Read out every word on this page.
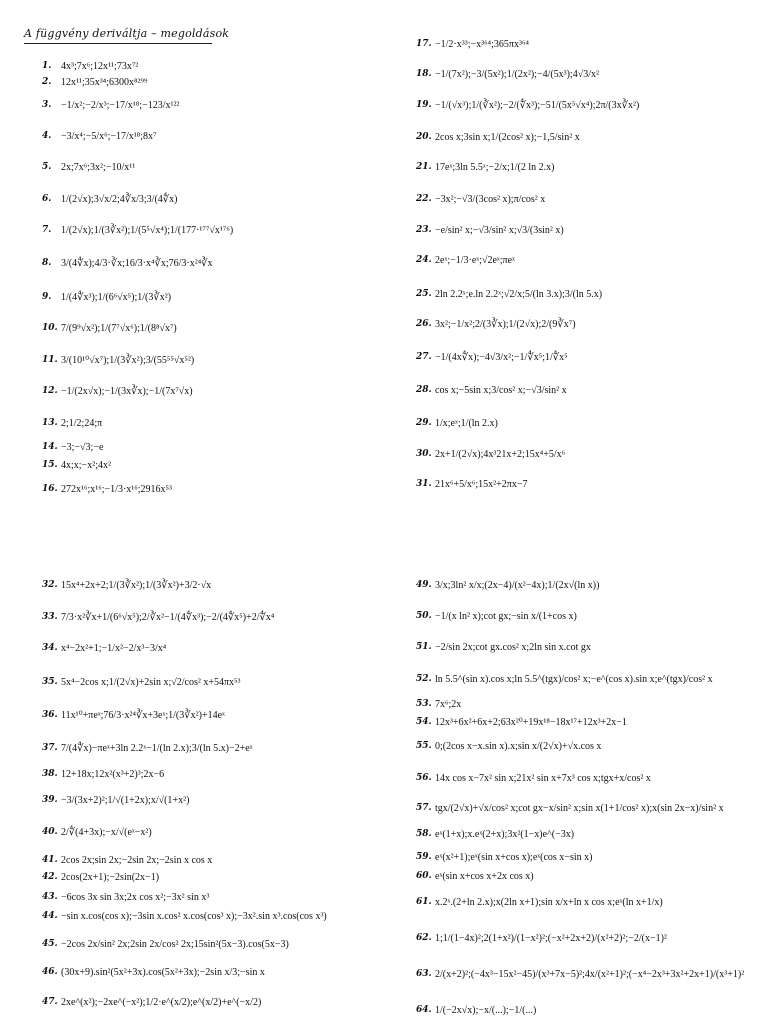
A függvény deriváltja – megoldások
1. 4x³;7x⁶;12x¹¹;73x⁷²
2. 12x¹¹;35x³⁴;6300x⁸²⁹⁹
3. −1/x²;−2/x³;−17/x¹⁸;−123/x¹²²
4. −3/x⁴;−5/x⁶;−17/x¹⁸;8x⁷
5. 2x;7x⁶;3x²;−10/x¹¹
6. 1/(2√x);3√x/2;4∛x/3;3/(4∜x)
7. 1/(2√x);1/(3∛x²);1/(5⁵√x⁴);1/(177·¹⁷⁷√x¹⁷⁶)
8. 3/(4∜x);4/3·∛x;16/3·x⁴∛x;76/3·x²⁴∛x
9. 1/(4∜x³);1/(6⁶√x⁵);1/(3∛x²)
10. 7/(9⁹√x²);1/(7⁷√x⁶);1/(8⁸√x⁷)
11. 3/(10¹⁰√x⁷);1/(3∛x²);3/(55⁵⁵√x⁵²)
12. −1/(2x√x);−1/(3x∛x);−1/(7x⁷√x)
13. 2;1/2;24;π
14. −3;−√3;−e
15. 4x;x;−x²;4x²
16. 272x¹⁶;x¹⁶;−1/3·x¹⁶;2916x⁵³
17. −1/2·x³³;−x³⁶⁴;365πx³⁶⁴
18. −1/(7x²);−3/(5x²);1/(2x²);−4/(5x³);4√3/x²
19. −1/(√x³);1/(∛x²);−2/(∜x³);−51/(5x⁵√x⁴);2π/(3x∛x²)
20. 2cos x;3sin x;1/(2cos² x);−1,5/sin² x
21. 17eˣ;3ln 5.5ˣ;−2/x;1/(2 ln 2.x)
22. −3x²;−√3/(3cos² x);π/cos² x
23. −e/sin² x;−√3/sin² x;√3/(3sin² x)
24. 2eˣ;−1/3·eˣ;√2eˣ;πeˣ
25. 2ln 2.2ˣ;e.ln 2.2ˣ;√2/x;5/(ln 3.x);3/(ln 5.x)
26. 3x²;−1/x²;2/(3∛x);1/(2√x);2/(9∛x⁷)
27. −1/(4x∜x);−4√3/x²;−1/∜x⁵;1/∜x⁵
28. cos x;−5sin x;3/cos² x;−√3/sin² x
29. 1/x;eˣ;1/(ln 2.x)
30. 2x+1/(2√x);4x³21x+2;15x⁴+5/x⁶
31. 21x⁶+5/x⁶;15x²+2πx−7
32. 15x⁴+2x+2;1/(3∛x²);1/(3∛x²)+3/2·√x
33. 7/3·x²∛x+1/(6⁶√x⁵);2/∛x²−1/(4∜x³);−2/(4∜x⁵)+2/∜x⁴
34. x⁴−2x²+1;−1/x²−2/x³−3/x⁴
35. 5x⁴−2cos x;1/(2√x)+2sin x;√2/cos² x+54πx⁵³
36. 11x¹⁰+πeˣ;76/3·x²⁴∛x+3eˣ;1/(3∛x²)+14eˣ
37. 7/(4∜x)−πeˣ+3ln 2.2ˣ−1/(ln 2.x);3/(ln 5.x)−2+eˣ
38. 12+18x;12x²(x³+2)³;2x−6
39. −3/(3x+2)²;1/√(1+2x);x/√(1+x²)
40. 2/∜(4+3x);−x/√(eˣ−x²)
41. 2cos 2x;sin 2x;−2sin 2x;−2sin x cos x
42. 2cos(2x+1);−2sin(2x−1)
43. −6cos 3x sin 3x;2x cos x²;−3x² sin x³
44. −sin x.cos(cos x);−3sin x.cos² x.cos(cos³ x);−3x².sin x³.cos(cos x³)
45. −2cos 2x/sin² 2x;2sin 2x/cos² 2x;15sin²(5x−3).cos(5x−3)
46. (30x+9).sin²(5x²+3x).cos(5x²+3x);−2sin x/3;−sin x
47. 2xe^(x²);−2xe^(−x²);1/2·e^(x/2);e^(x/2)+e^(−x/2)
49. 3/x;3ln² x/x;(2x−4)/(x²−4x);1/(2x√(ln x))
50. −1/(x ln² x);cot gx;−sin x/(1+cos x)
51. −2/sin 2x;cot gx.cos² x;2ln sin x.cot gx
52. ln 5.5^(sin x).cos x;ln 5.5^(tgx)/cos² x;−e^(cos x).sin x;e^(tgx)/cos² x
53. 7x⁶;2x
54. 12x³+6x²+6x+2;63x²⁰+19x¹⁸−18x¹⁷+12x³+2x−1
55. 0;(2cos x−x.sin x).x;sin x/(2√x)+√x.cos x
56. 14x cos x−7x² sin x;21x² sin x+7x³ cos x;tgx+x/cos² x
57. tgx/(2√x)+√x/cos² x;cot gx−x/sin² x;sin x(1+1/cos² x);x(sin 2x−x)/sin² x
58. eˣ(1+x);x.eˣ(2+x);3x²(1−x)e^(−3x)
59. eˣ(x²+1);eˣ(sin x+cos x);eˣ(cos x−sin x)
60. eˣ(sin x+cos x+2x cos x)
61. x.2ˣ.(2+ln 2.x);x(2ln x+1);sin x/x+ln x cos x;eˣ(ln x+1/x)
62. 1;1/(1−4x)²;2(1+x²)/(1−x²)²;(−x²+2x+2)/(x²+2)²;−2/(x−1)²
63. 2/(x+2)²;(−4x³−15x²−45)/(x³+7x−5)²;4x/(x²+1)²;(−x⁴−2x³+3x²+2x+1)/(x³+1)²
64. 1/(−2x√x);−x/(...);−1/(...)
